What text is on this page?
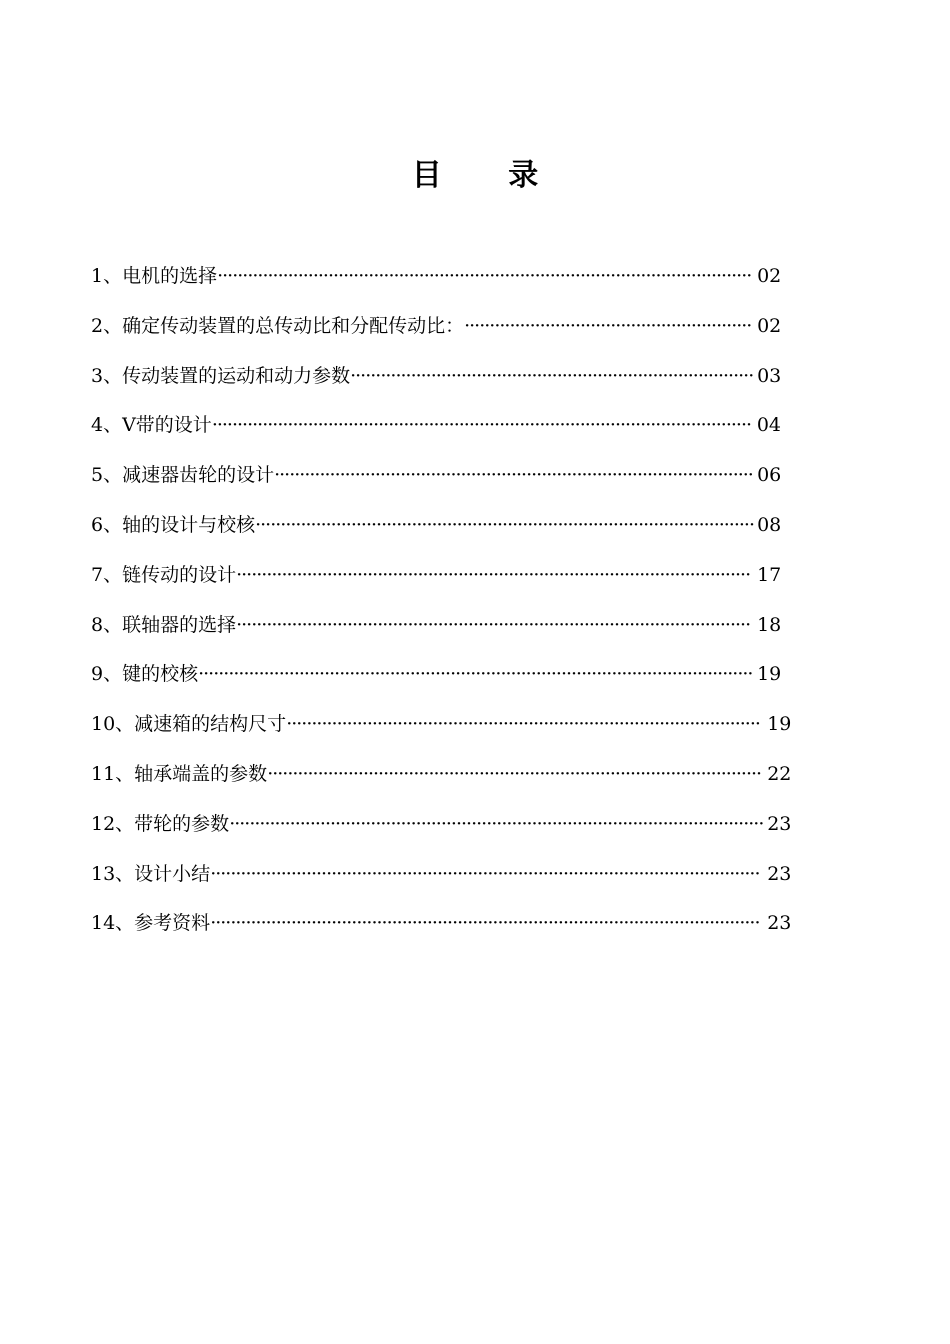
目 录
1、电机的选择 ·········································································································· 02
2、确定传动装置的总传动比和分配传动比： ························································· 02
3、传动装置的运动和动力参数 ················································································ 03
4、V带的设计 ··········································································································· 04
5、减速器齿轮的设计 ······························································································· 06
6、轴的设计与校核 ··································································································· 08
7、链传动的设计 ······································································································ 17
8、联轴器的选择 ······································································································ 18
9、键的校核 ·············································································································· 19
10、减速箱的结构尺寸 ······························································································ 19
11、轴承端盖的参数 ·································································································· 22
12、带轮的参数 ·········································································································· 23
13、设计小结 ············································································································· 23
14、参考资料 ············································································································· 23
